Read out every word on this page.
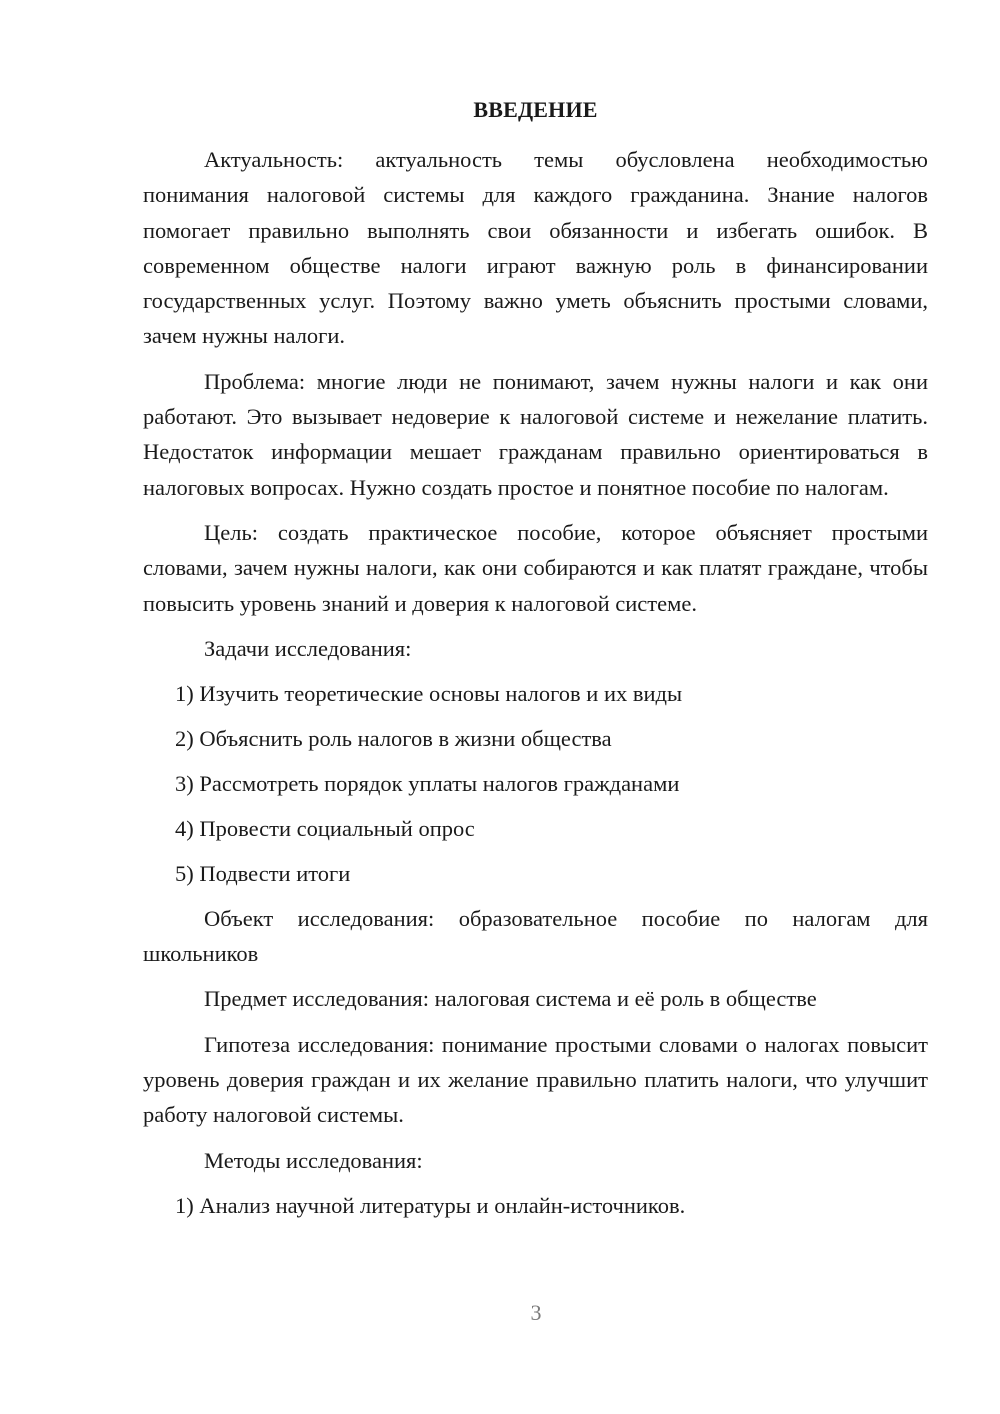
ВВЕДЕНИЕ

Актуальность: актуальность темы обусловлена необходимостью понимания налоговой системы для каждого гражданина. Знание налогов помогает правильно выполнять свои обязанности и избегать ошибок. В современном обществе налоги играют важную роль в финансировании государственных услуг. Поэтому важно уметь объяснить простыми словами, зачем нужны налоги.

Проблема: многие люди не понимают, зачем нужны налоги и как они работают. Это вызывает недоверие к налоговой системе и нежелание платить. Недостаток информации мешает гражданам правильно ориентироваться в налоговых вопросах. Нужно создать простое и понятное пособие по налогам.

Цель: создать практическое пособие, которое объясняет простыми словами, зачем нужны налоги, как они собираются и как платят граждане, чтобы повысить уровень знаний и доверия к налоговой системе.

Задачи исследования:

1) Изучить теоретические основы налогов и их виды

2) Объяснить роль налогов в жизни общества

3) Рассмотреть порядок уплаты налогов гражданами

4) Провести социальный опрос

5) Подвести итоги

Объект исследования: образовательное пособие по налогам для школьников

Предмет исследования: налоговая система и её роль в обществе

Гипотеза исследования: понимание простыми словами о налогах повысит уровень доверия граждан и их желание правильно платить налоги, что улучшит работу налоговой системы.

Методы исследования:

1) Анализ научной литературы и онлайн-источников.

3
